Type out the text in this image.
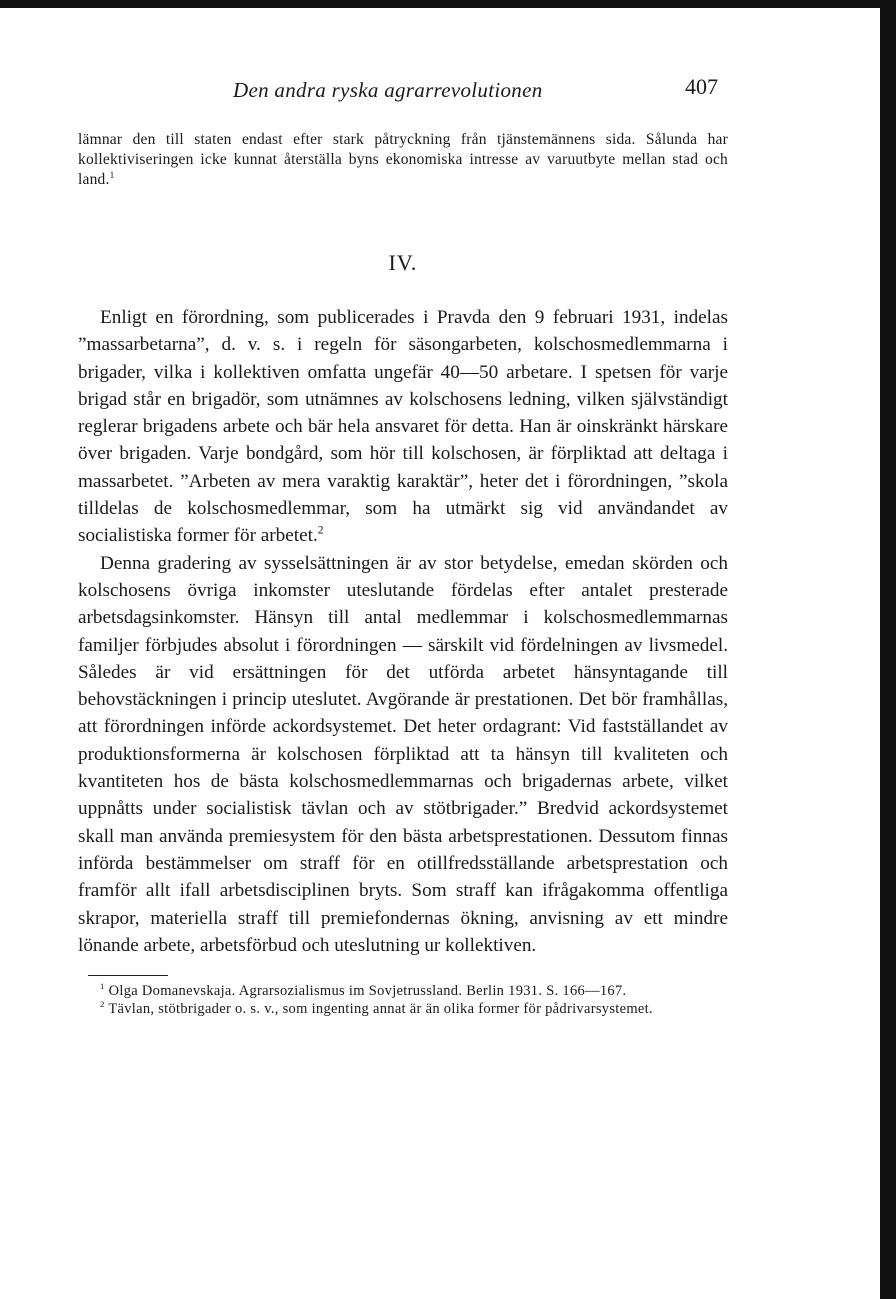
Den andra ryska agrarrevolutionen	407

lämnar den till staten endast efter stark påtryckning från tjänstemännens sida. Sålunda har kollektiviseringen icke kunnat återställa byns ekonomiska intresse av varuutbyte mellan stad och land.$^1$

IV.

Enligt en förordning, som publicerades i Pravda den 9 februari 1931, indelas ”massarbetarna”, d. v. s. i regeln för säsongarbeten, kolschosmedlemmarna i brigader, vilka i kollektiven omfatta ungefär 40—50 arbetare. I spetsen för varje brigad står en brigadör, som utnämnes av kolschosens ledning, vilken självständigt reglerar brigadens arbete och bär hela ansvaret för detta. Han är oinskränkt härskare över brigaden. Varje bondgård, som hör till kolschosen, är förpliktad att deltaga i massarbetet. ”Arbeten av mera varaktig karaktär”, heter det i förordningen, ”skola tilldelas de kolschosmedlemmar, som ha utmärkt sig vid användandet av socialistiska former för arbetet.$^2$

Denna gradering av sysselsättningen är av stor betydelse, emedan skörden och kolschosens övriga inkomster uteslutande fördelas efter antalet presterade arbetsdagsinkomster. Hänsyn till antal medlemmar i kolschosmedlemmarnas familjer förbjudes absolut i förordningen — särskilt vid fördelningen av livsmedel. Således är vid ersättningen för det utförda arbetet hänsyntagande till behovstäckningen i princip uteslutet. Avgörande är prestationen. Det bör framhållas, att förordningen införde ackordsystemet. Det heter ordagrant: Vid fastställandet av produktionsformerna är kolschosen förpliktad att ta hänsyn till kvaliteten och kvantiteten hos de bästa kolschosmedlemmarnas och brigadernas arbete, vilket uppnåtts under socialistisk tävlan och av stötbrigader.” Bredvid ackordsystemet skall man använda premiesystem för den bästa arbetsprestationen. Dessutom finnas införda bestämmelser om straff för en otillfredsställande arbetsprestation och framför allt ifall arbetsdisciplinen bryts. Som straff kan ifrågakomma offentliga skrapor, materiella straff till premiefondernas ökning, anvisning av ett mindre lönande arbete, arbetsförbud och uteslutning ur kollektiven.

$^1$ Olga Domanevskaja. Agrarsozialismus im Sovjetrussland. Berlin 1931. S. 166—167.

$^2$ Tävlan, stötbrigader o. s. v., som ingenting annat är än olika former för pådrivarsystemet.
